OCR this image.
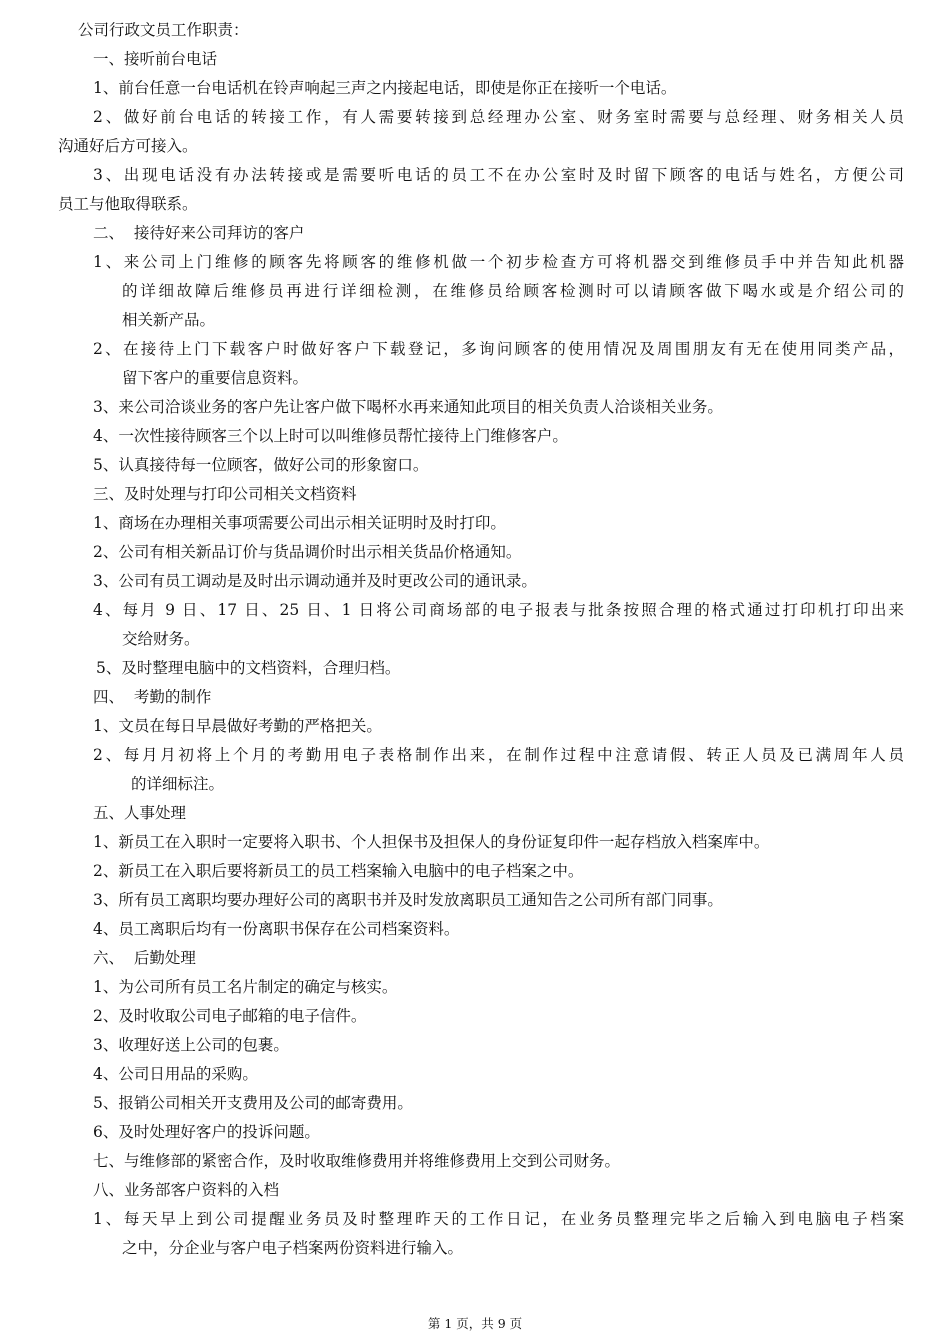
公司行政文员工作职责：
一、接听前台电话
1、前台任意一台电话机在铃声响起三声之内接起电话，即使是你正在接听一个电话。
2、做好前台电话的转接工作，有人需要转接到总经理办公室、财务室时需要与总经理、财务相关人员
沟通好后方可接入。
3、出现电话没有办法转接或是需要听电话的员工不在办公室时及时留下顾客的电话与姓名，方便公司
员工与他取得联系。
二、  接待好来公司拜访的客户
1、来公司上门维修的顾客先将顾客的维修机做一个初步检查方可将机器交到维修员手中并告知此机器
的详细故障后维修员再进行详细检测，在维修员给顾客检测时可以请顾客做下喝水或是介绍公司的
相关新产品。
2、在接待上门下载客户时做好客户下载登记，多询问顾客的使用情况及周围朋友有无在使用同类产品，
留下客户的重要信息资料。
3、来公司洽谈业务的客户先让客户做下喝杯水再来通知此项目的相关负责人洽谈相关业务。
4、一次性接待顾客三个以上时可以叫维修员帮忙接待上门维修客户。
5、认真接待每一位顾客，做好公司的形象窗口。
三、及时处理与打印公司相关文档资料
1、商场在办理相关事项需要公司出示相关证明时及时打印。
2、公司有相关新品订价与货品调价时出示相关货品价格通知。
3、公司有员工调动是及时出示调动通并及时更改公司的通讯录。
4、每月 9 日、17 日、25 日、1 日将公司商场部的电子报表与批条按照合理的格式通过打印机打印出来
交给财务。
5、及时整理电脑中的文档资料，合理归档。
四、  考勤的制作
1、文员在每日早晨做好考勤的严格把关。
2、每月月初将上个月的考勤用电子表格制作出来，在制作过程中注意请假、转正人员及已满周年人员
的详细标注。
五、人事处理
1、新员工在入职时一定要将入职书、个人担保书及担保人的身份证复印件一起存档放入档案库中。
2、新员工在入职后要将新员工的员工档案输入电脑中的电子档案之中。
3、所有员工离职均要办理好公司的离职书并及时发放离职员工通知告之公司所有部门同事。
4、员工离职后均有一份离职书保存在公司档案资料。
六、  后勤处理
1、为公司所有员工名片制定的确定与核实。
2、及时收取公司电子邮箱的电子信件。
3、收理好送上公司的包裹。
4、公司日用品的采购。
5、报销公司相关开支费用及公司的邮寄费用。
6、及时处理好客户的投诉问题。
七、与维修部的紧密合作，及时收取维修费用并将维修费用上交到公司财务。
八、业务部客户资料的入档
1、每天早上到公司提醒业务员及时整理昨天的工作日记，在业务员整理完毕之后输入到电脑电子档案
之中，分企业与客户电子档案两份资料进行输入。
第 1 页，共 9 页
